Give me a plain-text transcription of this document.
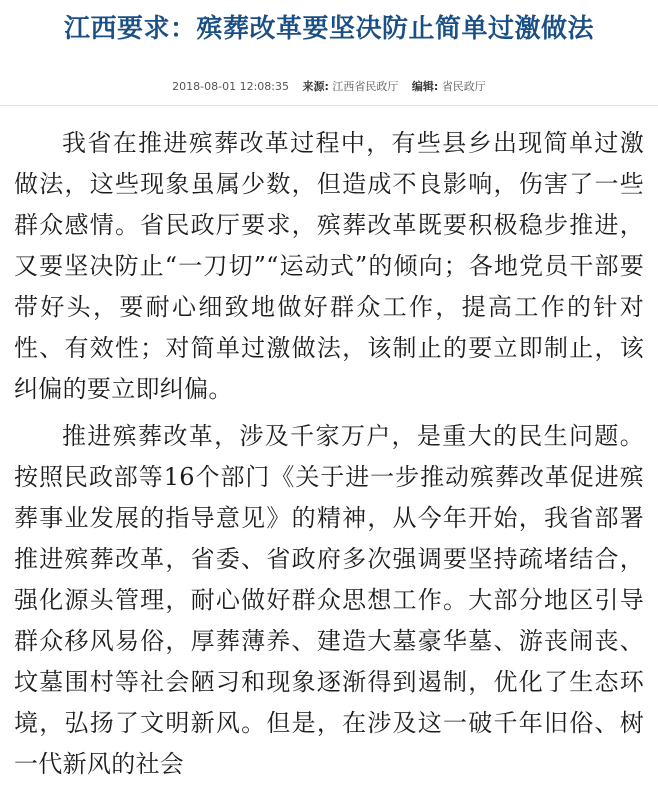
江西要求：殡葬改革要坚决防止简单过激做法
2018-08-01 12:08:35 来源: 江西省民政厅 编辑: 省民政厅

我省在推进殡葬改革过程中，有些县乡出现简单过激做法，这些现象虽属少数，但造成不良影响，伤害了一些群众感情。省民政厅要求，殡葬改革既要积极稳步推进，又要坚决防止“一刀切”“运动式”的倾向；各地党员干部要带好头，要耐心细致地做好群众工作，提高工作的针对性、有效性；对简单过激做法，该制止的要立即制止，该纠偏的要立即纠偏。

推进殡葬改革，涉及千家万户，是重大的民生问题。按照民政部等16个部门《关于进一步推动殡葬改革促进殡葬事业发展的指导意见》的精神，从今年开始，我省部署推进殡葬改革，省委、省政府多次强调要坚持疏堵结合，强化源头管理，耐心做好群众思想工作。大部分地区引导群众移风易俗，厚葬薄养、建造大墓豪华墓、游丧闹丧、坟墓围村等社会陋习和现象逐渐得到遏制，优化了生态环境，弘扬了文明新风。但是，在涉及这一破千年旧俗、树一代新风的社会
